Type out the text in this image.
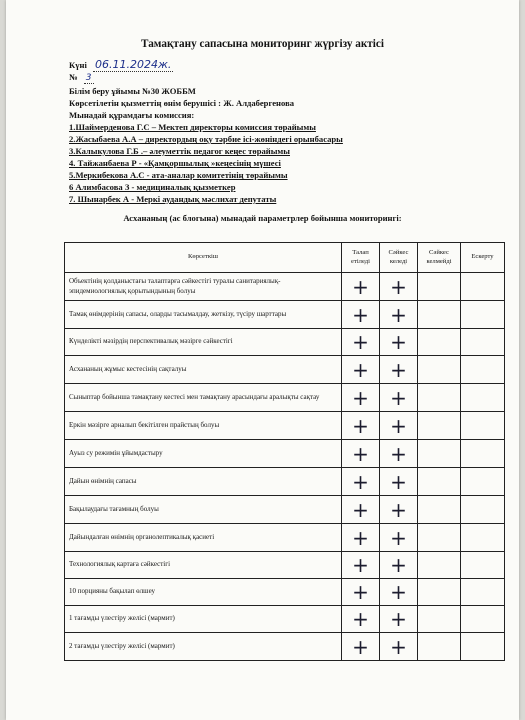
Тамақтану сапасына мониторинг жүргізу актісі
Күні 06.11.2024ж.
№ 3
Білім беру ұйымы №30 ЖОББМ
Көрсетілетін қызметтің өнім берушісі : Ж. Алдабергенова
Мынадай құрамдағы комиссия:
1.Шаймерденова Г.С – Мектеп директоры комиссия төрайымы
2.Жасыбаева А.А – директордың оқу тәрбие ісі-жөніндегі орынбасары
3.Калыкулова Г.Б .– әлеуметтік педагог кеңес төрайымы
4. Тайжанбаева Р - «Қамқоршылық »кеңесінің мүшесі
5.Меркибекова А.С - ата-аналар комитетінің төрайымы
6 Алимбасова З - медициналық қызметкер
7. Шынарбек А - Меркі аудандық мәслихат депутаты
Асхананың (ас блогына) мынадай параметрлер бойынша мониторингі:
Көрсеткіш	Талап етіледі	Сәйкес келеді	Сәйкес келмейді	Ескерту
Объектінің қолданыстағы талаптарға сәйкестігі туралы санитариялық-эпидемиологиялық қорытындының болуы	+	+		
Тамақ өнімдерінің сапасы, оларды тасымалдау, жеткізу, түсіру шарттары	+	+		
Күнделікті мәзірдің перспективалық мәзірге сәйкестігі	+	+		
Асхананың жұмыс кестесінің сақталуы	+	+		
Сыныптар бойынша тамақтану кестесі мен тамақтану арасындағы аралықты сақтау	+	+		
Еркін мәзірге арналып бекітілген прайстың болуы	+	+		
Ауыз су режимін ұйымдастыру	+	+		
Дайын өнімнің сапасы	+	+		
Бақылаудағы тағамның болуы	+	+		
Дайындалған өнімнің органолептикалық қасиеті	+	+		
Технологиялық картаға сәйкестігі	+	+		
10 порцияны бақылап өлшеу	+	+		
1 тағамды үлестіру желісі (мармит)	+	+		
2 тағамды үлестіру желісі (мармит)	+	+		
